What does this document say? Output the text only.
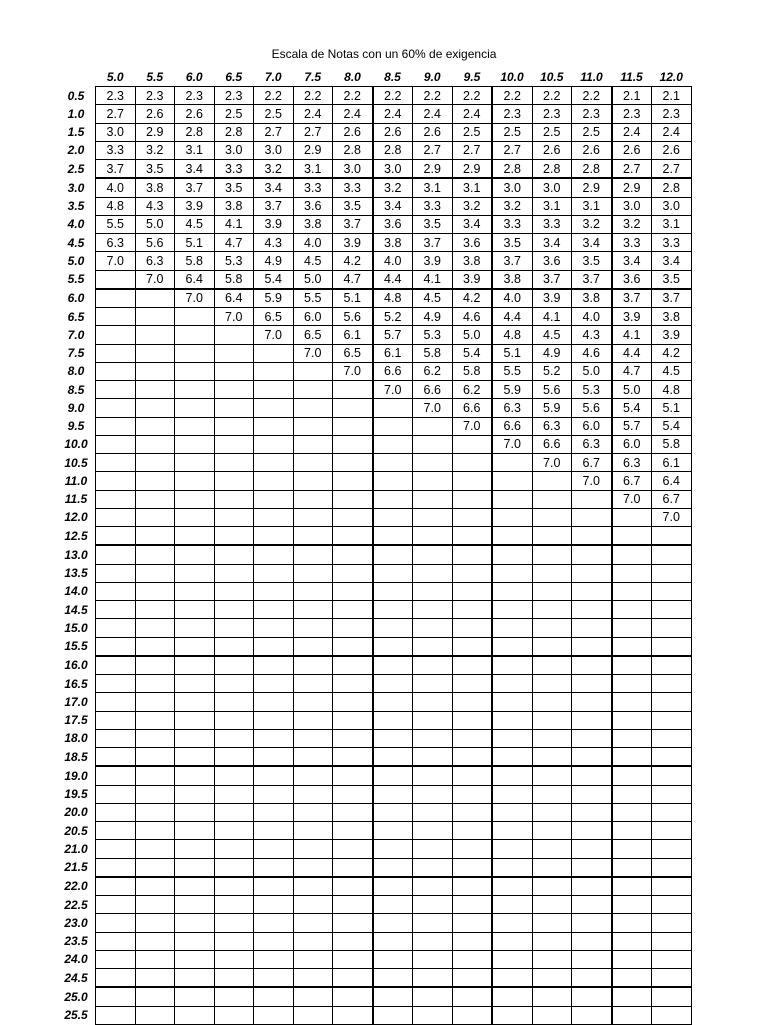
Escala de Notas con un 60% de exigencia
	5.0	5.5	6.0	6.5	7.0	7.5	8.0	8.5	9.0	9.5	10.0	10.5	11.0	11.5	12.0
0.5	2.3	2.3	2.3	2.3	2.2	2.2	2.2	2.2	2.2	2.2	2.2	2.2	2.2	2.1	2.1
1.0	2.7	2.6	2.6	2.5	2.5	2.4	2.4	2.4	2.4	2.4	2.3	2.3	2.3	2.3	2.3
1.5	3.0	2.9	2.8	2.8	2.7	2.7	2.6	2.6	2.6	2.5	2.5	2.5	2.5	2.4	2.4
2.0	3.3	3.2	3.1	3.0	3.0	2.9	2.8	2.8	2.7	2.7	2.7	2.6	2.6	2.6	2.6
2.5	3.7	3.5	3.4	3.3	3.2	3.1	3.0	3.0	2.9	2.9	2.8	2.8	2.8	2.7	2.7
3.0	4.0	3.8	3.7	3.5	3.4	3.3	3.3	3.2	3.1	3.1	3.0	3.0	2.9	2.9	2.8
3.5	4.8	4.3	3.9	3.8	3.7	3.6	3.5	3.4	3.3	3.2	3.2	3.1	3.1	3.0	3.0
4.0	5.5	5.0	4.5	4.1	3.9	3.8	3.7	3.6	3.5	3.4	3.3	3.3	3.2	3.2	3.1
4.5	6.3	5.6	5.1	4.7	4.3	4.0	3.9	3.8	3.7	3.6	3.5	3.4	3.4	3.3	3.3
5.0	7.0	6.3	5.8	5.3	4.9	4.5	4.2	4.0	3.9	3.8	3.7	3.6	3.5	3.4	3.4
5.5		7.0	6.4	5.8	5.4	5.0	4.7	4.4	4.1	3.9	3.8	3.7	3.7	3.6	3.5
6.0			7.0	6.4	5.9	5.5	5.1	4.8	4.5	4.2	4.0	3.9	3.8	3.7	3.7
6.5				7.0	6.5	6.0	5.6	5.2	4.9	4.6	4.4	4.1	4.0	3.9	3.8
7.0					7.0	6.5	6.1	5.7	5.3	5.0	4.8	4.5	4.3	4.1	3.9
7.5						7.0	6.5	6.1	5.8	5.4	5.1	4.9	4.6	4.4	4.2
8.0							7.0	6.6	6.2	5.8	5.5	5.2	5.0	4.7	4.5
8.5								7.0	6.6	6.2	5.9	5.6	5.3	5.0	4.8
9.0									7.0	6.6	6.3	5.9	5.6	5.4	5.1
9.5										7.0	6.6	6.3	6.0	5.7	5.4
10.0											7.0	6.6	6.3	6.0	5.8
10.5												7.0	6.7	6.3	6.1
11.0													7.0	6.7	6.4
11.5														7.0	6.7
12.0															7.0
12.5															
13.0															
13.5															
14.0															
14.5															
15.0															
15.5															
16.0															
16.5															
17.0															
17.5															
18.0															
18.5															
19.0															
19.5															
20.0															
20.5															
21.0															
21.5															
22.0															
22.5															
23.0															
23.5															
24.0															
24.5															
25.0															
25.5															
